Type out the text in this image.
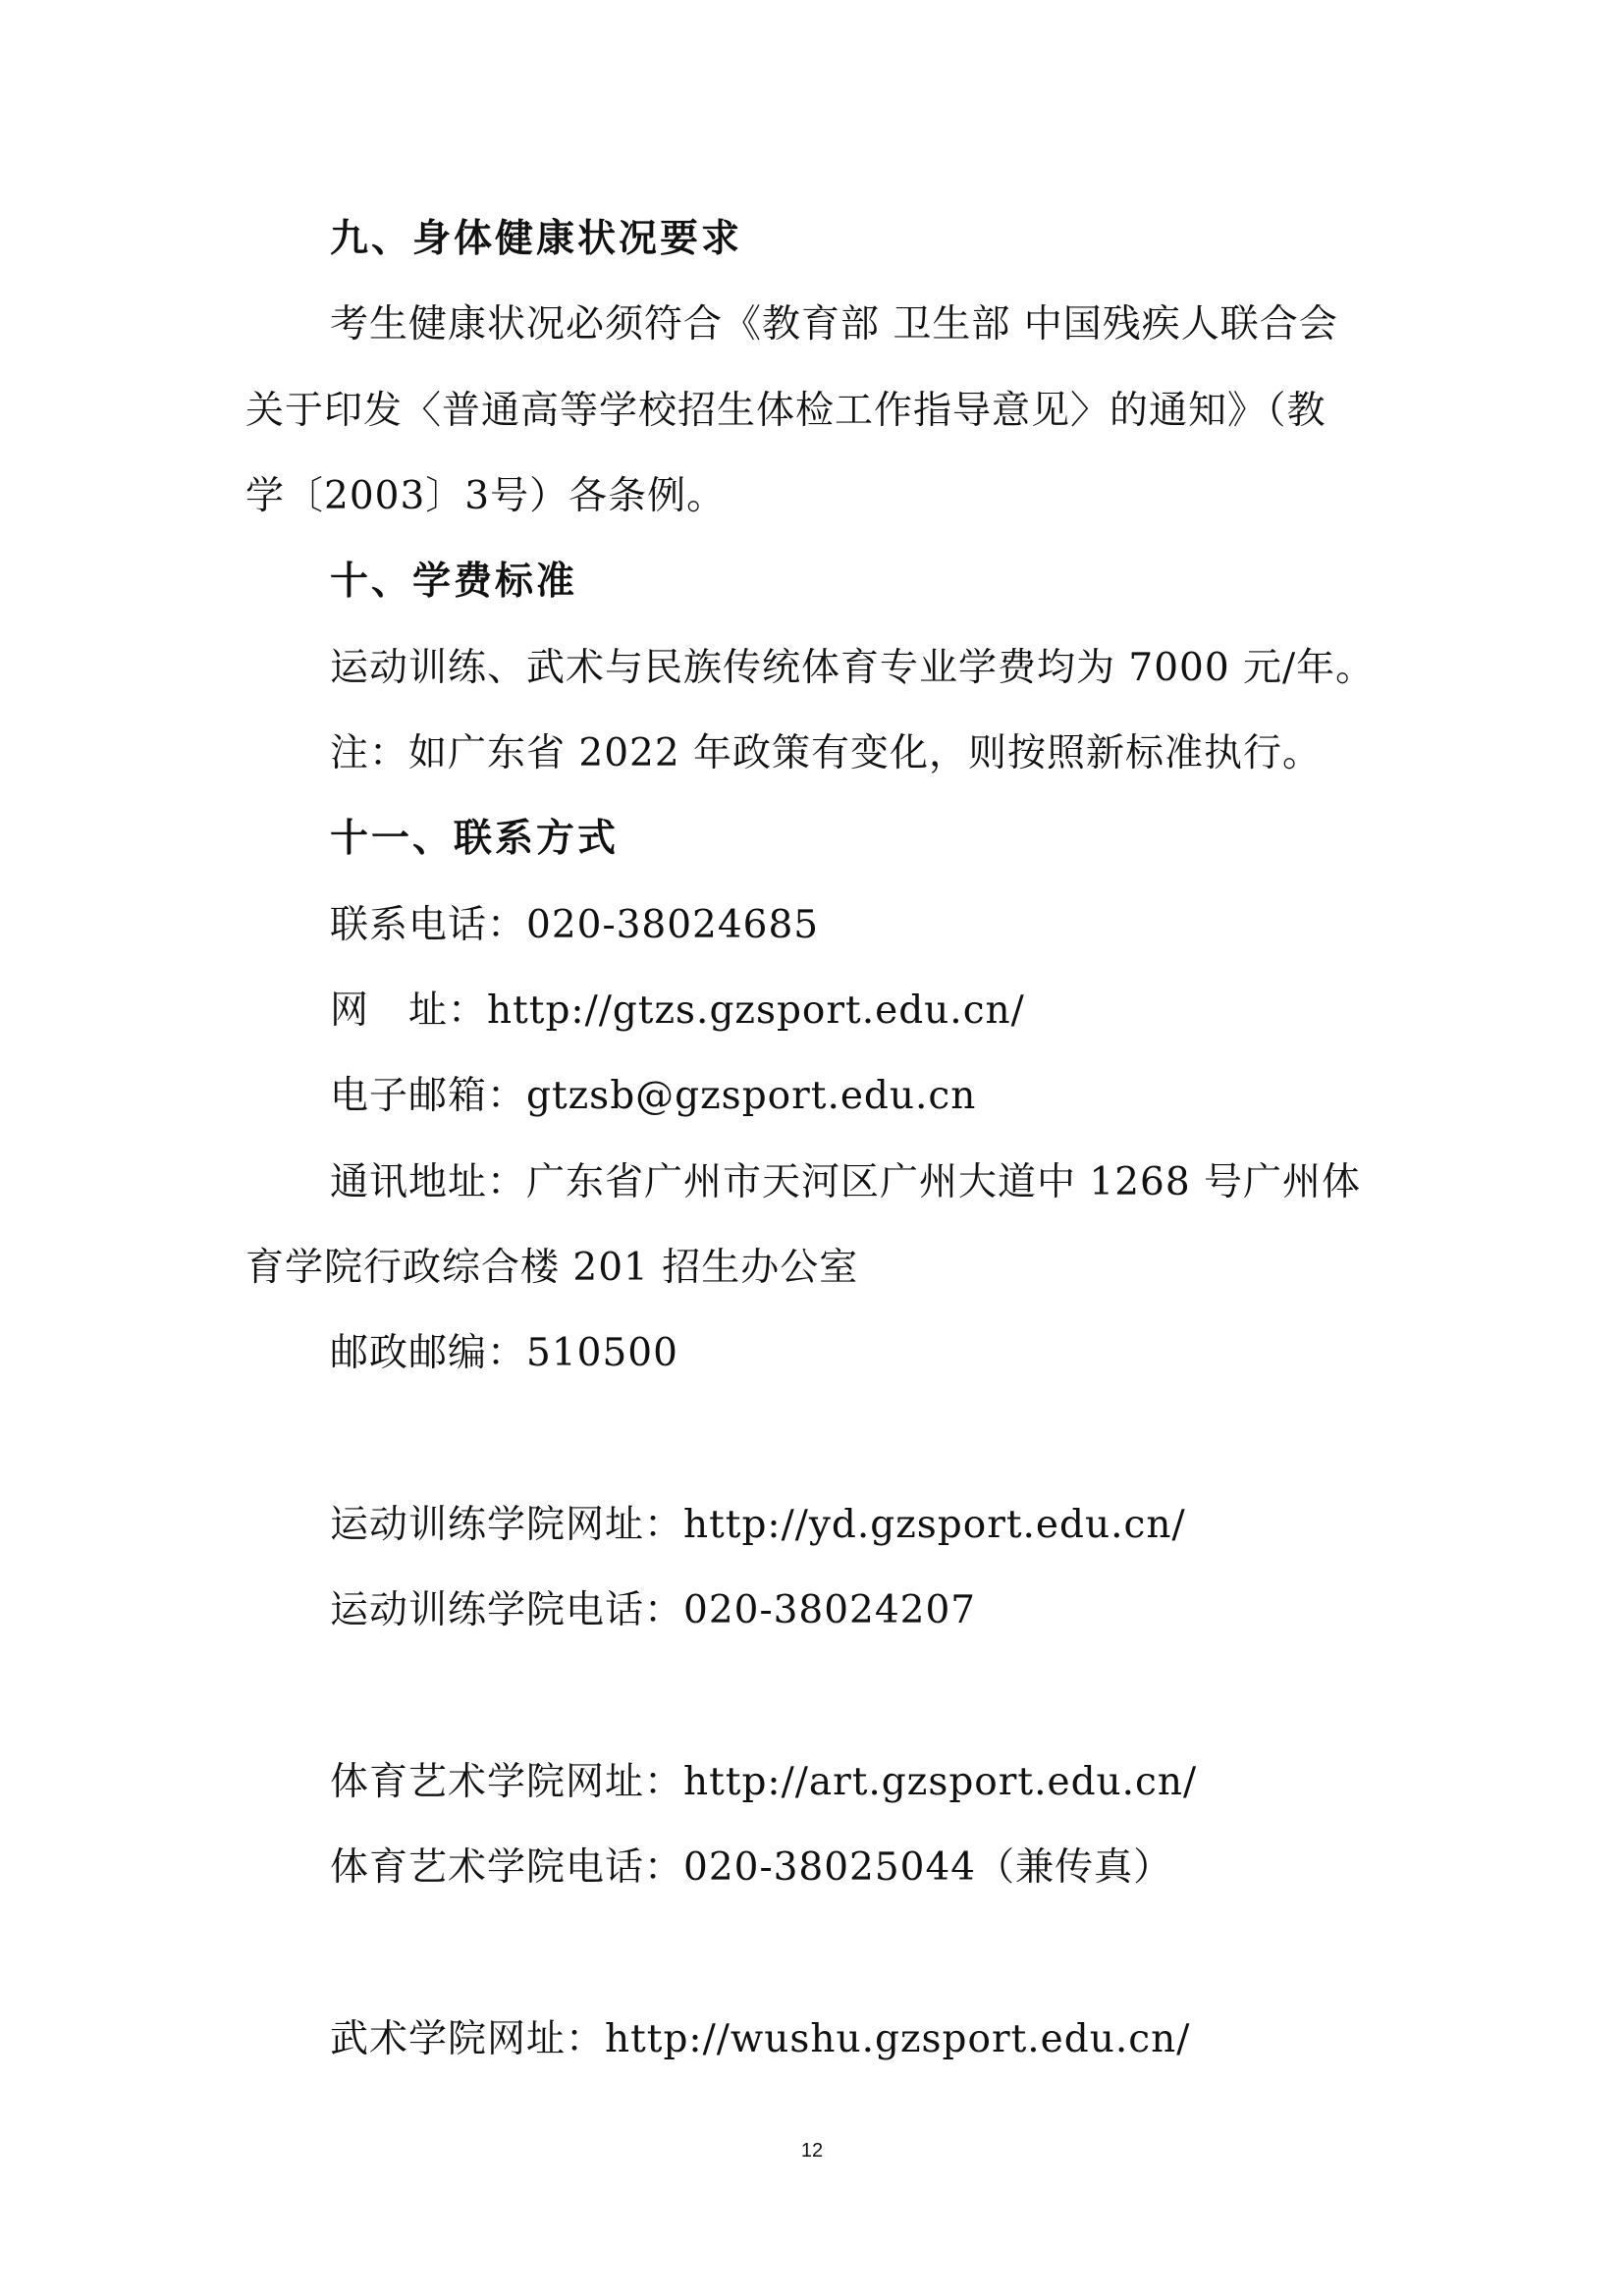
九、身体健康状况要求
考生健康状况必须符合《教育部 卫生部 中国残疾人联合会
关于印发〈普通高等学校招生体检工作指导意见〉的通知》（教
学〔2003〕3号）各条例。
十、学费标准
运动训练、武术与民族传统体育专业学费均为 7000 元/年。
注：如广东省 2022 年政策有变化，则按照新标准执行。
十一、联系方式
联系电话：020-38024685
网　址：http://gtzs.gzsport.edu.cn/
电子邮箱：gtzsb@gzsport.edu.cn
通讯地址：广东省广州市天河区广州大道中 1268 号广州体
育学院行政综合楼 201 招生办公室
邮政邮编：510500
运动训练学院网址：http://yd.gzsport.edu.cn/
运动训练学院电话：020-38024207
体育艺术学院网址：http://art.gzsport.edu.cn/
体育艺术学院电话：020-38025044（兼传真）
武术学院网址：http://wushu.gzsport.edu.cn/
12
